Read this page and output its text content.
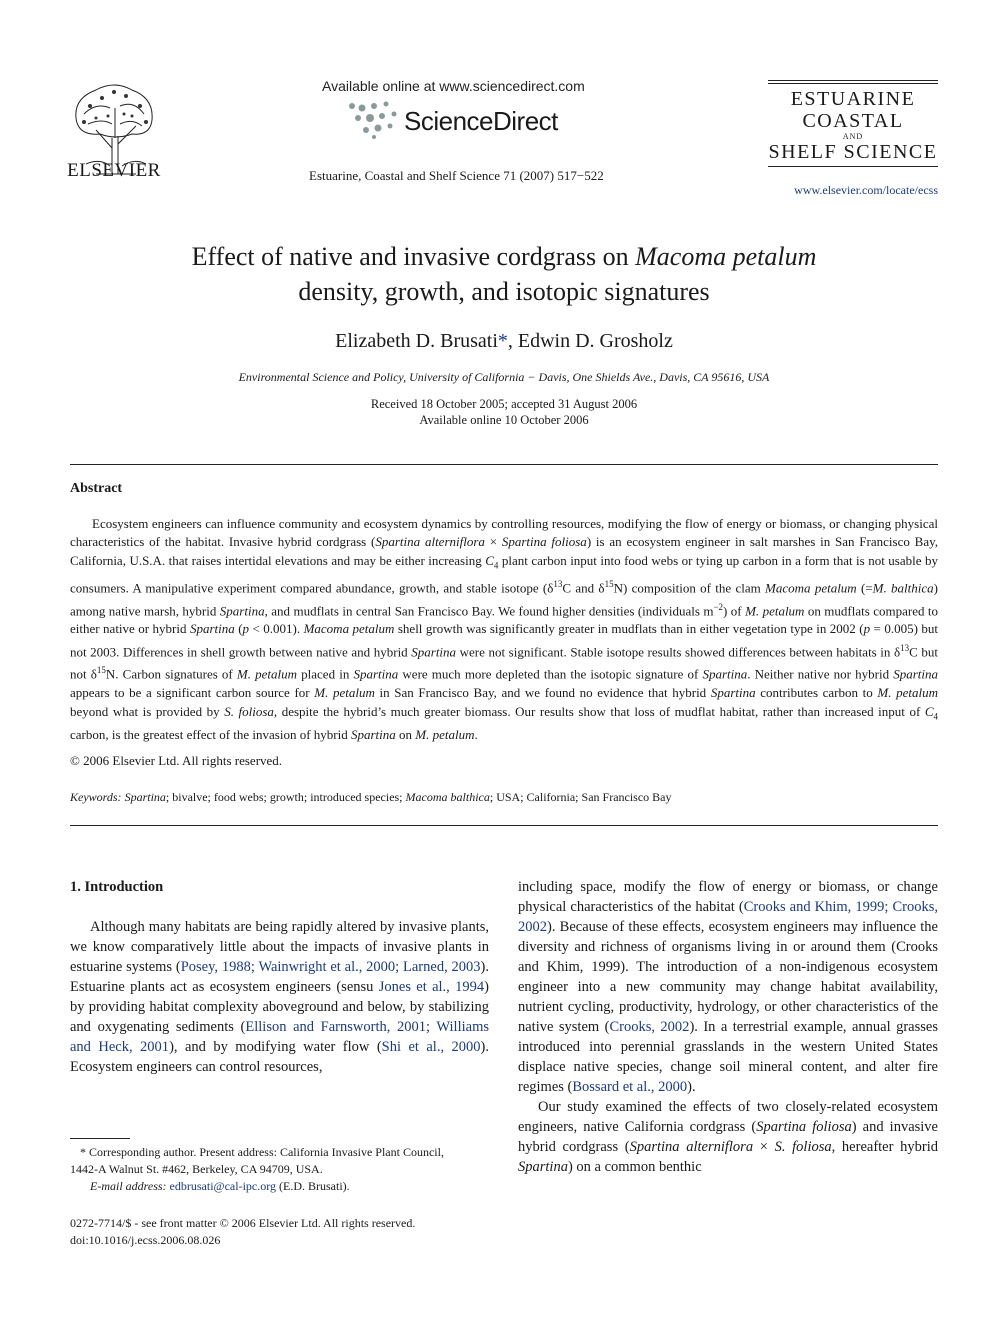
ELSEVIER
Available online at www.sciencedirect.com
ScienceDirect
Estuarine, Coastal and Shelf Science 71 (2007) 517−522
ESTUARINE
COASTAL
AND
SHELF SCIENCE
www.elsevier.com/locate/ecss
Effect of native and invasive cordgrass on Macoma petalum
density, growth, and isotopic signatures
Elizabeth D. Brusati*, Edwin D. Grosholz
Environmental Science and Policy, University of California − Davis, One Shields Ave., Davis, CA 95616, USA
Received 18 October 2005; accepted 31 August 2006
Available online 10 October 2006
Abstract

Ecosystem engineers can influence community and ecosystem dynamics by controlling resources, modifying the flow of energy or biomass, or changing physical characteristics of the habitat. Invasive hybrid cordgrass (Spartina alterniflora × Spartina foliosa) is an ecosystem engineer in salt marshes in San Francisco Bay, California, U.S.A. that raises intertidal elevations and may be either increasing $C_4$ plant carbon input into food webs or tying up carbon in a form that is not usable by consumers. A manipulative experiment compared abundance, growth, and stable isotope ($\delta^{13}C$ and $\delta^{15}N$) composition of the clam Macoma petalum (=M. balthica) among native marsh, hybrid Spartina, and mudflats in central San Francisco Bay. We found higher densities (individuals $m^{-2}$) of M. petalum on mudflats compared to either native or hybrid Spartina (p < 0.001). Macoma petalum shell growth was significantly greater in mudflats than in either vegetation type in 2002 (p = 0.005) but not 2003. Differences in shell growth between native and hybrid Spartina were not significant. Stable isotope results showed differences between habitats in $\delta^{13}C$ but not $\delta^{15}N$. Carbon signatures of M. petalum placed in Spartina were much more depleted than the isotopic signature of Spartina. Neither native nor hybrid Spartina appears to be a significant carbon source for M. petalum in San Francisco Bay, and we found no evidence that hybrid Spartina contributes carbon to M. petalum beyond what is provided by S. foliosa, despite the hybrid’s much greater biomass. Our results show that loss of mudflat habitat, rather than increased input of $C_4$ carbon, is the greatest effect of the invasion of hybrid Spartina on M. petalum.

© 2006 Elsevier Ltd. All rights reserved.
Keywords: Spartina; bivalve; food webs; growth; introduced species; Macoma balthica; USA; California; San Francisco Bay

1. Introduction

Although many habitats are being rapidly altered by invasive plants, we know comparatively little about the impacts of invasive plants in estuarine systems (Posey, 1988; Wainwright et al., 2000; Larned, 2003). Estuarine plants act as ecosystem engineers (sensu Jones et al., 1994) by providing habitat complexity aboveground and below, by stabilizing and oxygenating sediments (Ellison and Farnsworth, 2001; Williams and Heck, 2001), and by modifying water flow (Shi et al., 2000). Ecosystem engineers can control resources,

including space, modify the flow of energy or biomass, or change physical characteristics of the habitat (Crooks and Khim, 1999; Crooks, 2002). Because of these effects, ecosystem engineers may influence the diversity and richness of organisms living in or around them (Crooks and Khim, 1999). The introduction of a non-indigenous ecosystem engineer into a new community may change habitat availability, nutrient cycling, productivity, hydrology, or other characteristics of the native system (Crooks, 2002). In a terrestrial example, annual grasses introduced into perennial grasslands in the western United States displace native species, change soil mineral content, and alter fire regimes (Bossard et al., 2000).

Our study examined the effects of two closely-related ecosystem engineers, native California cordgrass (Spartina foliosa) and invasive hybrid cordgrass (Spartina alterniflora × S. foliosa, hereafter hybrid Spartina) on a common benthic

* Corresponding author. Present address: California Invasive Plant Council,

1442-A Walnut St. #462, Berkeley, CA 94709, USA.

E-mail address: edbrusati@cal-ipc.org (E.D. Brusati).

0272-7714/$ - see front matter © 2006 Elsevier Ltd. All rights reserved.
doi:10.1016/j.ecss.2006.08.026
